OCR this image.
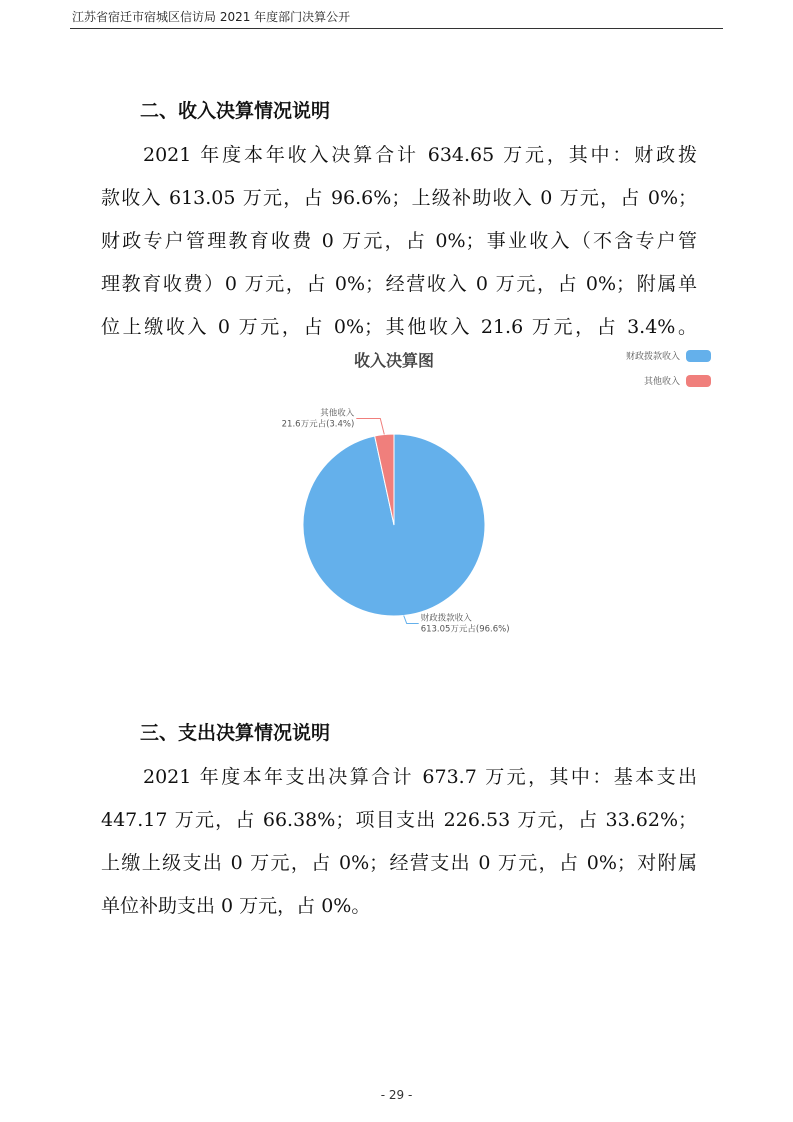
江苏省宿迁市宿城区信访局 2021 年度部门决算公开
二、收入决算情况说明
2021 年度本年收入决算合计 634.65 万元，其中：财政拨
款收入 613.05 万元，占 96.6%；上级补助收入 0 万元，占 0%；
财政专户管理教育收费 0 万元，占 0%；事业收入（不含专户管
理教育收费）0 万元，占 0%；经营收入 0 万元，占 0%；附属单
位上缴收入 0 万元，占 0%；其他收入 21.6 万元，占 3.4%。
收入决算图	财政拨款收入
其他收入
财政拨款收入
613.05万元占(96.6%)
其他收入
21.6万元占(3.4%)
三、支出决算情况说明
2021 年度本年支出决算合计 673.7 万元，其中：基本支出
447.17 万元，占 66.38%；项目支出 226.53 万元，占 33.62%；
上缴上级支出 0 万元，占 0%；经营支出 0 万元，占 0%；对附属
单位补助支出 0 万元，占 0%。
- 29 -
